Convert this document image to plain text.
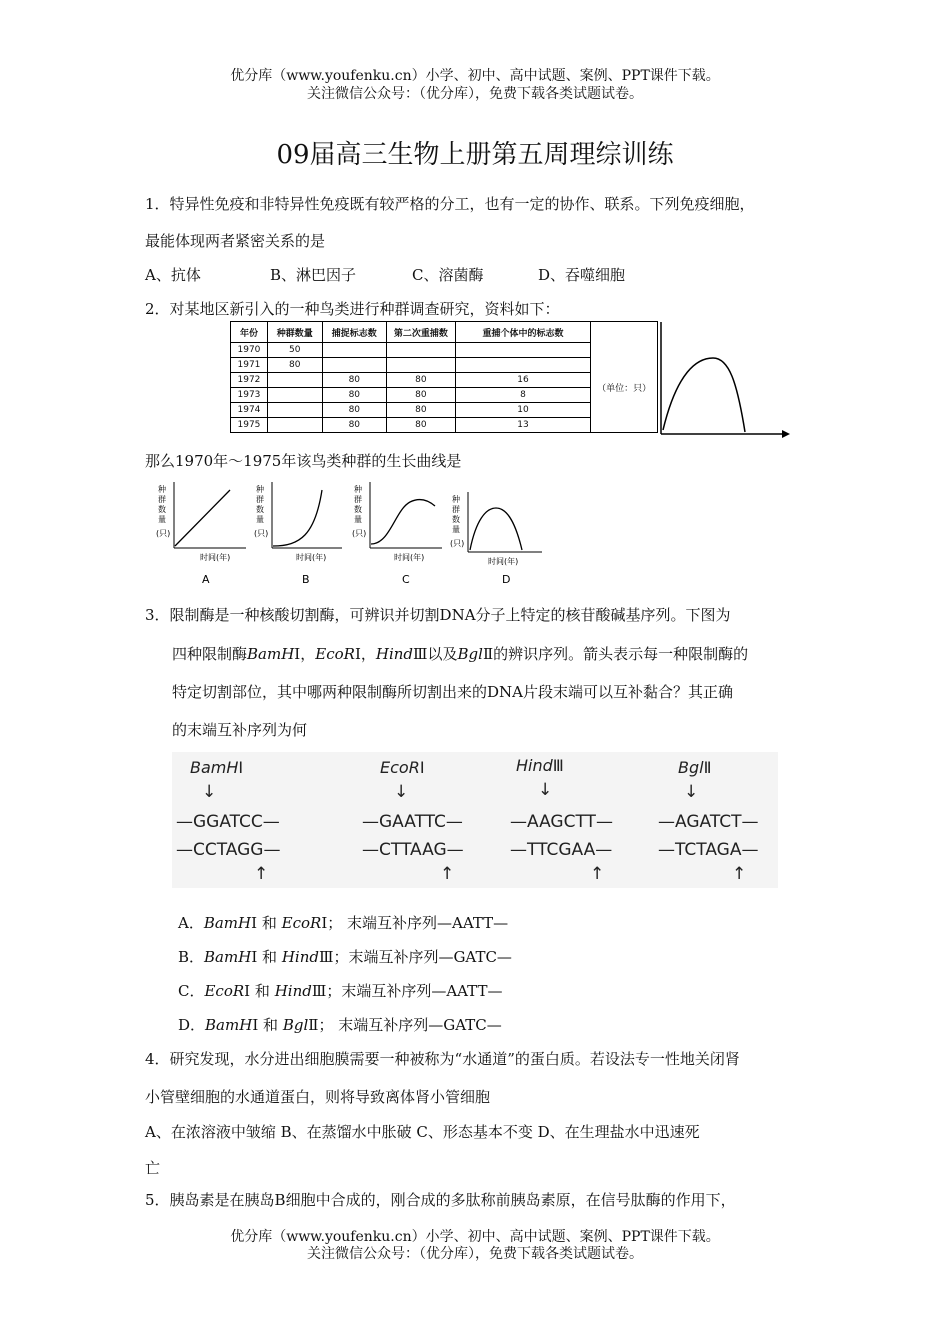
优分库（www.youfenku.cn）小学、初中、高中试题、案例、PPT课件下载。
关注微信公众号：（优分库），免费下载各类试题试卷。
09届高三生物上册第五周理综训练
1．特异性免疫和非特异性免疫既有较严格的分工，也有一定的协作、联系。下列免疫细胞，
最能体现两者紧密关系的是
A、抗体	B、淋巴因子	C、溶菌酶	D、吞噬细胞
2．对某地区新引入的一种鸟类进行种群调查研究，资料如下：
年份	种群数量	捕捉标志数	第二次重捕数	重捕个体中的标志数	
1970	50				（单位：只）
1971	80				
1972		80	80	16	
1973		80	80	8	
1974		80	80	10	
1975		80	80	13	
那么1970年～1975年该鸟类种群的生长曲线是
种
群
数
量
(只)
时间(年)
A
种
群
数
量
(只)
时间(年)
B
种
群
数
量
(只)
时间(年)
C
种
群
数
量
(只)
时间(年)
D
3．限制酶是一种核酸切割酶，可辨识并切割DNA分子上特定的核苷酸碱基序列。下图为
四种限制酶BamHI，EcoRI，HindⅢ以及BglⅡ的辨识序列。箭头表示每一种限制酶的
特定切割部位，其中哪两种限制酶所切割出来的DNA片段末端可以互补黏合？其正确
的末端互补序列为何
BamHI
↓
—GGATCC—
—CCTAGG—
↑
EcoRI
↓
—GAATTC—
—CTTAAG—
↑
HindⅢ
↓
—AAGCTT—
—TTCGAA—
↑
BglⅡ
↓
—AGATCT—
—TCTAGA—
↑
A．BamHI 和 EcoRI； 末端互补序列—AATT—
B．BamHI 和 HindⅢ；末端互补序列—GATC—
C．EcoRI 和 HindⅢ；末端互补序列—AATT—
D．BamHI 和 BglⅡ； 末端互补序列—GATC—
4．研究发现，水分进出细胞膜需要一种被称为“水通道”的蛋白质。若设法专一性地关闭肾
小管壁细胞的水通道蛋白，则将导致离体肾小管细胞
A、在浓溶液中皱缩 B、在蒸馏水中胀破 C、形态基本不变 D、在生理盐水中迅速死
亡
5．胰岛素是在胰岛B细胞中合成的，刚合成的多肽称前胰岛素原，在信号肽酶的作用下，
优分库（www.youfenku.cn）小学、初中、高中试题、案例、PPT课件下载。
关注微信公众号：（优分库），免费下载各类试题试卷。
